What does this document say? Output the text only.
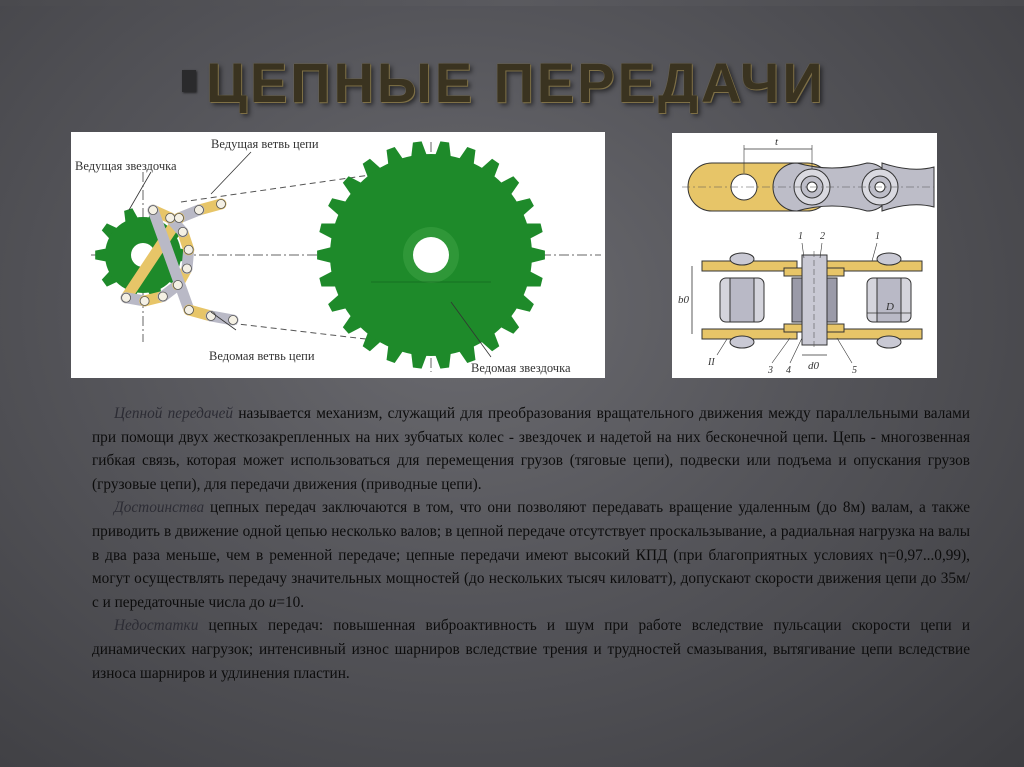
ЦЕПНЫЕ ПЕРЕДАЧИ
Ведущая ветвь цепи
Ведущая звездочка
Ведомая ветвь цепи
Ведомая звездочка
t
b0
d0
D
1 2	1
II
3 4	5

Цепной передачей называется механизм, служащий для преобразования вращательного движения между параллельными валами при помощи двух жесткозакрепленных на них зубчатых колес - звездочек и надетой на них бесконечной цепи. Цепь - многозвенная гибкая связь, которая может использоваться для перемещения грузов (тяговые цепи), подвески или подъема и опускания грузов (грузовые цепи), для передачи движения (приводные цепи).

Достоинства цепных передач заключаются в том, что они позволяют передавать вращение удаленным (до 8м) валам, а также приводить в движение одной цепью несколько валов; в цепной передаче отсутствует проскальзывание, а радиальная нагрузка на валы в два раза меньше, чем в ременной передаче; цепные передачи имеют высокий КПД (при благоприятных условиях η=0,97...0,99), могут осуществлять передачу значительных мощностей (до нескольких тысяч киловатт), допускают скорости движения цепи до 35м/с и передаточные числа до u=10.

Недостатки цепных передач: повышенная виброактивность и шум при работе вследствие пульсации скорости цепи и динамических нагрузок; интенсивный износ шарниров вследствие трения и трудностей смазывания, вытягивание цепи вследствие износа шарниров и удлинения пластин.
